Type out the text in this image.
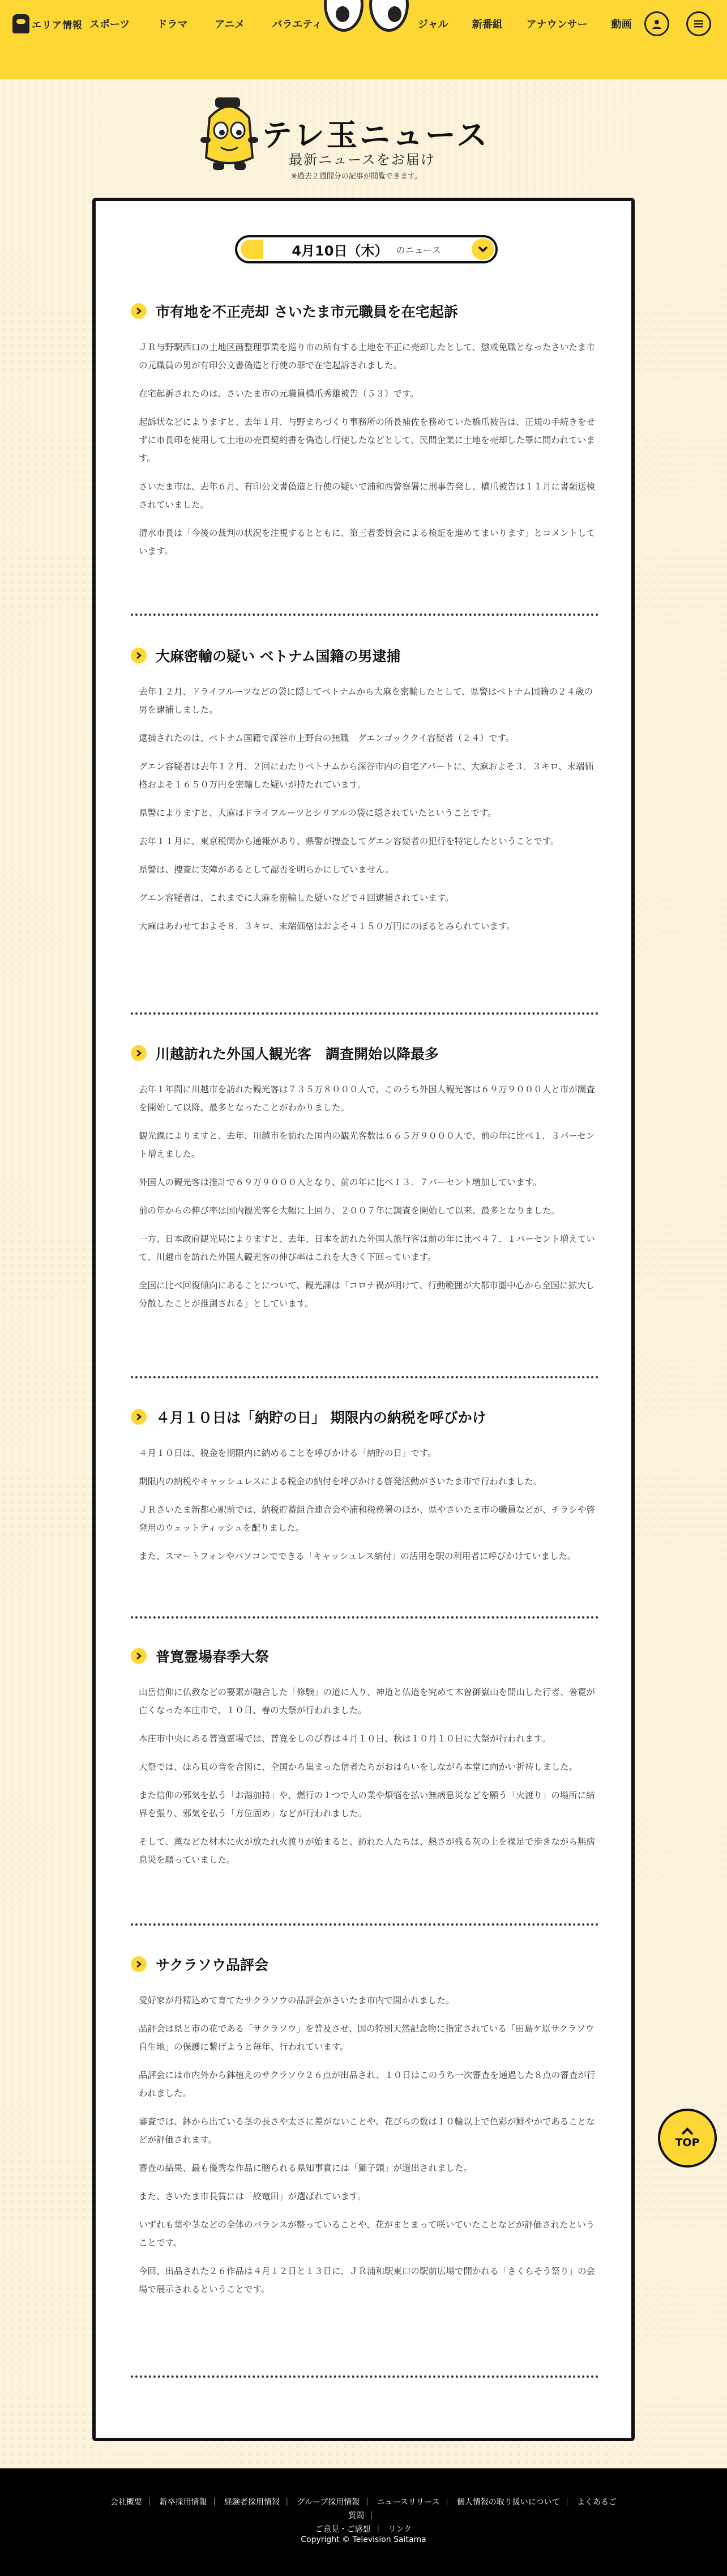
エリア情報 スポーツ	ドラマ	アニメ	バラエティ	ジャル 新番組 アナウンサー 動画
テレ玉ニュース
最新ニュースをお届け
※過去２週間分の記事が閲覧できます。
4月10日（木） のニュース
市有地を不正売却 さいたま市元職員を在宅起訴

ＪＲ与野駅西口の土地区画整理事業を巡り市の所有する土地を不正に売却したとして、懲戒免職となったさいたま市の元職員の男が有印公文書偽造と行使の罪で在宅起訴されました。

在宅起訴されたのは、さいたま市の元職員橋爪秀雄被告（５３）です。

起訴状などによりますと、去年１月、与野まちづくり事務所の所長補佐を務めていた橋爪被告は、正規の手続きをせずに市長印を使用して土地の売買契約書を偽造し行使したなどとして、民間企業に土地を売却した罪に問われています。

さいたま市は、去年６月、有印公文書偽造と行使の疑いで浦和西警察署に刑事告発し、橋爪被告は１１月に書類送検されていました。

清水市長は「今後の裁判の状況を注視するとともに、第三者委員会による検証を進めてまいります」とコメントしています。

大麻密輸の疑い ベトナム国籍の男逮捕

去年１２月、ドライフルーツなどの袋に隠してベトナムから大麻を密輸したとして、県警はベトナム国籍の２４歳の男を逮捕しました。

逮捕されたのは、ベトナム国籍で深谷市上野台の無職　グエンゴッククイ容疑者（２４）です。

グエン容疑者は去年１２月、２回にわたりベトナムから深谷市内の自宅アパートに、大麻およそ３．３キロ、末端価格およそ１６５０万円を密輸した疑いが持たれています。

県警によりますと、大麻はドライフルーツとシリアルの袋に隠されていたということです。

去年１１月に、東京税関から通報があり、県警が捜査してグエン容疑者の犯行を特定したということです。

県警は、捜査に支障があるとして認否を明らかにしていません。

グエン容疑者は、これまでに大麻を密輸した疑いなどで４回逮捕されています。

大麻はあわせておよそ８．３キロ、末端価格はおよそ４１５０万円にのぼるとみられています。

川越訪れた外国人観光客　調査開始以降最多

去年１年間に川越市を訪れた観光客は７３５万８０００人で、このうち外国人観光客は６９万９０００人と市が調査を開始して以降、最多となったことがわかりました。

観光課によりますと、去年、川越市を訪れた国内の観光客数は６６５万９０００人で、前の年に比べ１．３パーセント増えました。

外国人の観光客は推計で６９万９０００人となり、前の年に比べ１３．７パーセント増加しています。

前の年からの伸び率は国内観光客を大幅に上回り、２００７年に調査を開始して以来、最多となりました。

一方、日本政府観光局によりますと、去年、日本を訪れた外国人旅行客は前の年に比べ４７．１パーセント増えていて、川越市を訪れた外国人観光客の伸び率はこれを大きく下回っています。

全国に比べ回復傾向にあることについて、観光課は「コロナ禍が明けて、行動範囲が大都市圏中心から全国に拡大し分散したことが推測される」としています。

４月１０日は「納貯の日」 期限内の納税を呼びかけ

４月１０日は、税金を期限内に納めることを呼びかける「納貯の日」です。

期限内の納税やキャッシュレスによる税金の納付を呼びかける啓発活動がさいたま市で行われました。

ＪＲさいたま新都心駅前では、納税貯蓄組合連合会や浦和税務署のほか、県やさいたま市の職員などが、チラシや啓発用のウェットティッシュを配りました。

また、スマートフォンやパソコンでできる「キャッシュレス納付」の活用を駅の利用者に呼びかけていました。

普寛霊場春季大祭

山岳信仰に仏教などの要素が融合した「修験」の道に入り、神道と仏道を究めて木曽御嶽山を開山した行者、普寛が亡くなった本庄市で、１０日、春の大祭が行われました。

本庄市中央にある普寛霊場では、普寛をしのび春は４月１０日、秋は１０月１０日に大祭が行われます。

大祭では、ほら貝の音を合図に、全国から集まった信者たちがおはらいをしながら本堂に向かい祈祷しました。

また信仰の邪気を払う「お湯加持」や、燃行の１つで人の業や煩悩を払い無病息災などを願う「火渡り」の場所に結界を張り、邪気を払う「方位固め」などが行われました。

そして、薫などた材木に火が放たれ火渡りが始まると、訪れた人たちは、熱さが残る灰の上を裸足で歩きながら無病息災を願っていました。

サクラソウ品評会

愛好家が丹精込めて育てたサクラソウの品評会がさいたま市内で開かれました。

品評会は県と市の花である「サクラソウ」を普及させ、国の特別天然記念物に指定されている「田島ケ原サクラソウ自生地」の保護に繋げようと毎年、行われています。

品評会には市内外から鉢植えのサクラソウ２６点が出品され、１０日はこのうち一次審査を通過した８点の審査が行われました。

審査では、鉢から出ている茎の長さや太さに差がないことや、花びらの数は１０輪以上で色彩が鮮やかであることなどが評価されます。

審査の結果、最も優秀な作品に贈られる県知事賞には「獅子頭」が選出されました。

また、さいたま市長賞には「絞竜田」が選ばれています。

いずれも葉や茎などの全体のバランスが整っていることや、花がまとまって咲いていたことなどが評価されたということです。

今回、出品された２６作品は４月１２日と１３日に、ＪＲ浦和駅東口の駅前広場で開かれる「さくらそう祭り」の会場で展示されるということです。

TOP
会社概要 ｜ 新卒採用情報 ｜ 経験者採用情報 ｜ グループ採用情報 ｜ ニュースリリース ｜ 個人情報の取り扱いについて ｜ よくあるご質問 ｜
ご意見・ご感想 ｜ リンク
Copyright © Television Saitama
